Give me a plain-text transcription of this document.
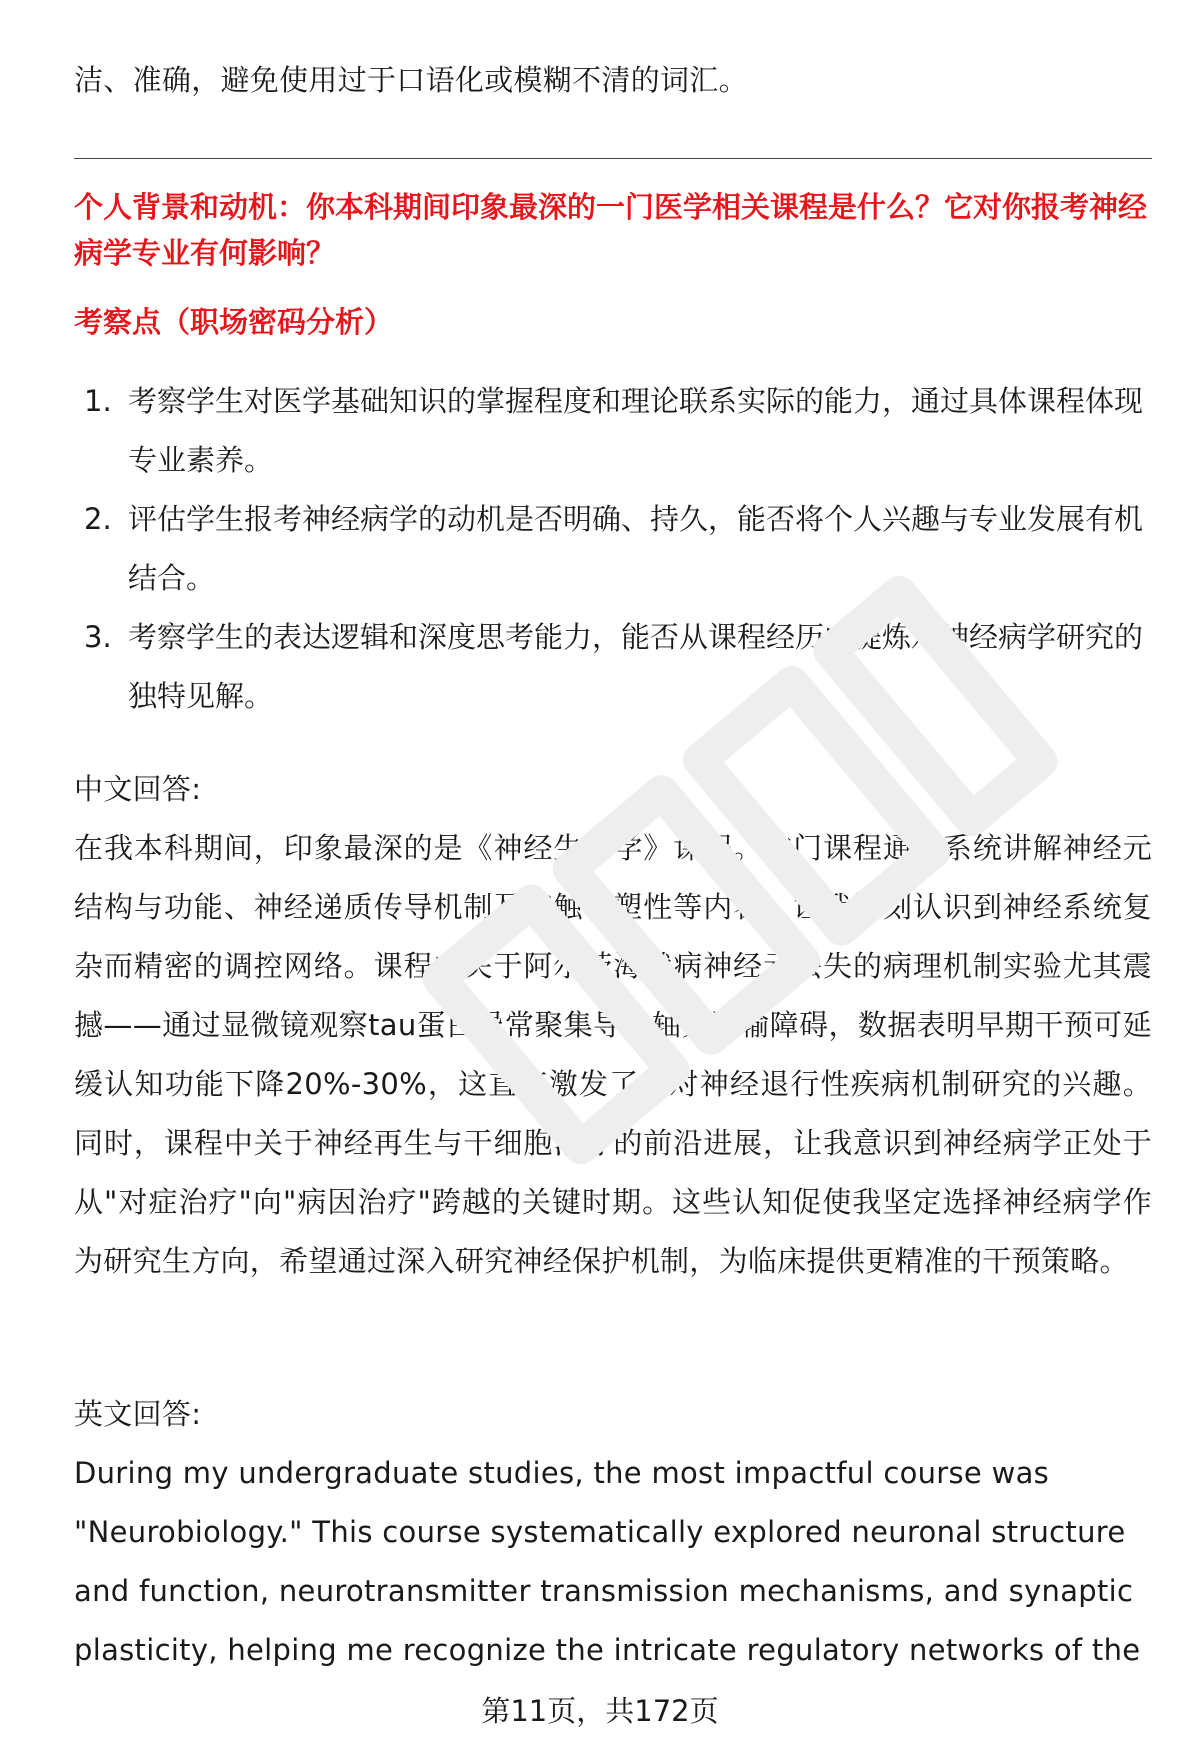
洁、准确，避免使用过于口语化或模糊不清的词汇。

个人背景和动机：你本科期间印象最深的一门医学相关课程是什么？它对你报考神经病学专业有何影响？

考察点（职场密码分析）

1. 考察学生对医学基础知识的掌握程度和理论联系实际的能力，通过具体课程体现专业素养。
2. 评估学生报考神经病学的动机是否明确、持久，能否将个人兴趣与专业发展有机结合。
3. 考察学生的表达逻辑和深度思考能力，能否从课程经历中提炼对神经病学研究的独特见解。

中文回答:

在我本科期间，印象最深的是《神经生物学》课程。这门课程通过系统讲解神经元结构与功能、神经递质传导机制及突触可塑性等内容，让我深刻认识到神经系统复杂而精密的调控网络。课程中关于阿尔茨海默病神经元丢失的病理机制实验尤其震撼——通过显微镜观察tau蛋白异常聚集导致轴突运输障碍，数据表明早期干预可延缓认知功能下降20%-30%，这直接激发了我对神经退行性疾病机制研究的兴趣。同时，课程中关于神经再生与干细胞治疗的前沿进展，让我意识到神经病学正处于从"对症治疗"向"病因治疗"跨越的关键时期。这些认知促使我坚定选择神经病学作为研究生方向，希望通过深入研究神经保护机制，为临床提供更精准的干预策略。

英文回答:

During my undergraduate studies, the most impactful course was "Neurobiology." This course systematically explored neuronal structure and function, neurotransmitter transmission mechanisms, and synaptic plasticity, helping me recognize the intricate regulatory networks of the

第11页，共172页
